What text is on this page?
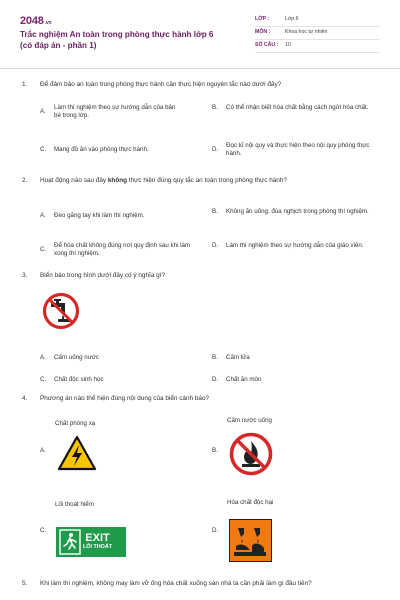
2048.vn
Trắc nghiệm An toàn trong phòng thực hành lớp 6 (có đáp án - phần 1)
LỚP :	Lớp 6
MÔN :	Khoa học tự nhiên
SỐ CÂU :	10
1.	Để đảm bảo an toàn trong phòng thực hành cần thực hiện nguyên tắc nào dưới đây?
A.
Làm thí nghiệm theo sự hướng dẫn của bản bè trong lớp.
B.	Có thể nhận biết hóa chất bằng cách ngửi hóa chất.
C.	Mang đồ ăn vào phòng thực hành.	D.
Đọc kĩ nội quy và thực hiện theo nội quy phòng thực hành.
2.	Hoạt động nào sau đây không thực hiện đúng quy tắc an toàn trong phòng thực hành?
A.	Đeo găng tay khi làm thí nghiệm.
B.	Không ăn uống, đùa nghịch trong phòng thí nghiệm.
C.
Để hóa chất không đúng nơi quy định sau khi làm xong thí nghiệm.
D.	Làm thí nghiệm theo sự hướng dẫn của giáo viên.
3.	Biển báo trong hình dưới đây có ý nghĩa gì?
A.	Cấm uống nước	B.	Cấm lửa
C.	Chất độc sinh học	D.	Chất ăn mòn
4.	Phương án nào thể hiện đúng nội dung của biển cảnh báo?
Chất phóng xạ	Cấm nước uống
Lối thoát hiểm	Hóa chất độc hại
A.	B.
C.	D.
EXIT
LỐI THOÁT
5.	Khi làm thí nghiệm, không may làm vỡ ống hóa chất xuống sàn nhà ta cần phải làm gì đầu tiên?
